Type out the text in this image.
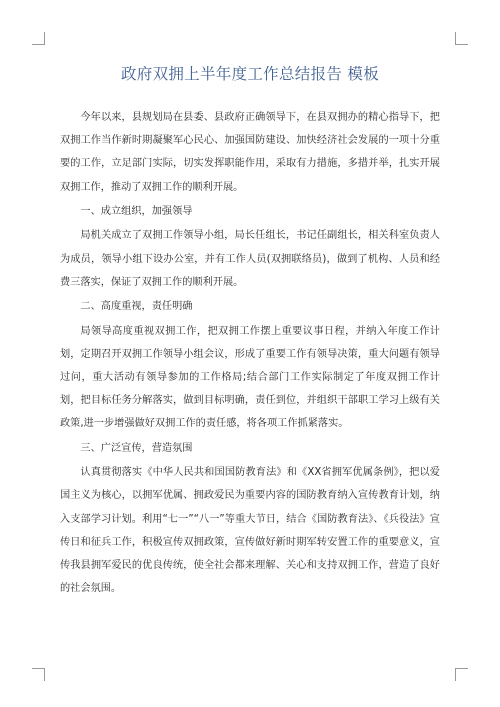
政府双拥上半年度工作总结报告 模板

今年以来，县规划局在县委、县政府正确领导下，在县双拥办的精心指导下，把双拥工作当作新时期凝聚军心民心、加强国防建设、加快经济社会发展的一项十分重要的工作，立足部门实际，切实发挥职能作用，采取有力措施，多措并举，扎实开展双拥工作，推动了双拥工作的顺利开展。

一、成立组织，加强领导

局机关成立了双拥工作领导小组，局长任组长，书记任副组长，相关科室负责人为成员，领导小组下设办公室，并有工作人员(双拥联络员)，做到了机构、人员和经费三落实，保证了双拥工作的顺利开展。

二、高度重视，责任明确

局领导高度重视双拥工作，把双拥工作摆上重要议事日程，并纳入年度工作计划，定期召开双拥工作领导小组会议，形成了重要工作有领导决策，重大问题有领导过问，重大活动有领导参加的工作格局;结合部门工作实际制定了年度双拥工作计划，把目标任务分解落实，做到目标明确，责任到位，并组织干部职工学习上级有关政策,进一步增强做好双拥工作的责任感，将各项工作抓紧落实。

三、广泛宣传，营造氛围

认真贯彻落实《中华人民共和国国防教育法》和《XX省拥军优属条例》，把以爱国主义为核心，以拥军优属、拥政爱民为重要内容的国防教育纳入宣传教育计划，纳入支部学习计划。利用“七一”“八一”等重大节日，结合《国防教育法》、《兵役法》宣传日和征兵工作，积极宣传双拥政策，宣传做好新时期军转安置工作的重要意义，宣传我县拥军爱民的优良传统，使全社会都来理解、关心和支持双拥工作，营造了良好的社会氛围。
